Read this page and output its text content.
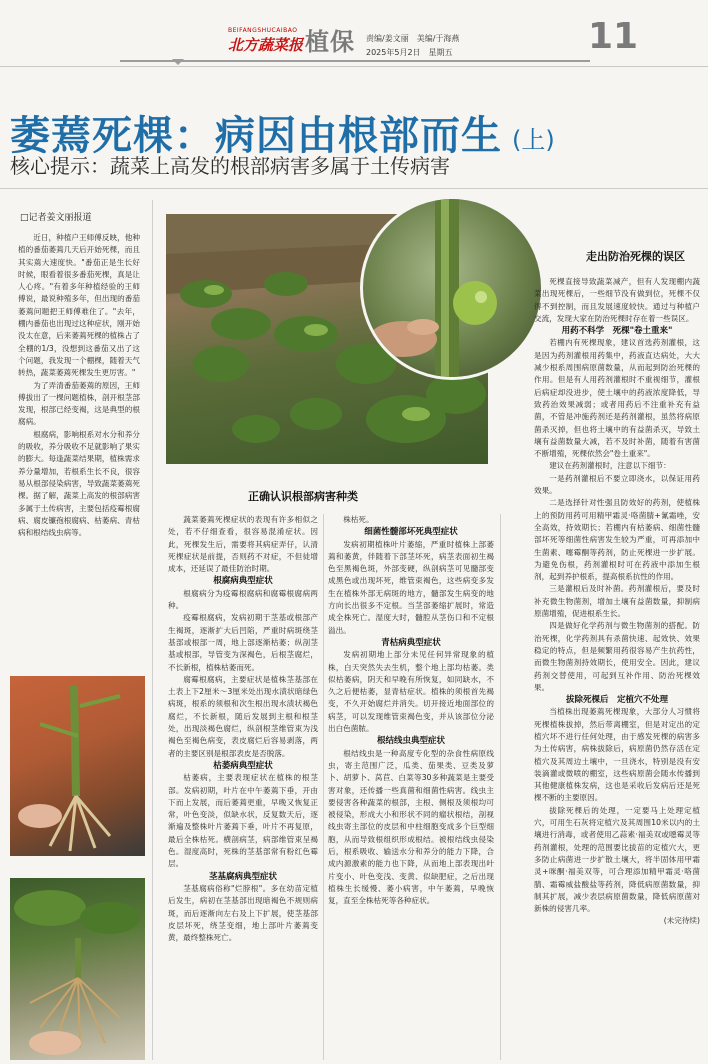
BEIFANGSHUCAIBAO
北方蔬菜报 植保 责编/姜文丽　美编/于海燕
2025年5月2日　星期五	11
萎蔫死棵：病因由根部而生 (上)
核心提示：蔬菜上高发的根部病害多属于土传病害
□记者姜文丽报道

近日，种植户王师傅反映，他种植的番茄萎蔫几天后开始死棵，而且其实蔫大速度快。"番茄正是生长好时候，眼看着很多番茄死棵，真是让人心疼。"有着多年种植经验的王师傅说，最说种殖多年，但出现的番茄萎蔫问题把王师傅难住了。"去年，棚内番茄也出现过这种症状，刚开始没太在意，后来萎蔫死棵的植株占了全棚的1/3，没想到这番茄又出了这个问题，我发现一个棚棵，随着天气转热，蔬菜萎蔫死棵发生更厉害。"

为了弄清番茄萎蔫的原因，王师傅拔出了一棵问题植株，剖开根茎部发现，根部已经变褐，这是典型的根腐病。

根腐病，影响根系对水分和养分的吸收，养分吸收不足就影响了果实的膨大。每逢蔬菜结果期，植株需求养分量增加，若根系生长不良，很容易从根部侵染病害，导致蔬菜萎蔫死棵。据了解，蔬菜上高发的根部病害多属于土传病害，主要包括疫霉根腐病、腐皮镰孢根腐病、枯萎病、青枯病和根结线虫病等。

正确认识根部病害种类
走出防治死棵的误区

蔬菜萎蔫死棵症状的表现有许多相似之处，若不仔细查看，很容易混淆症状。因此，死棵发生后，需要将其病症弄仔，认清死棵症状是前提，否则药不对症，不但徒增成本，还延误了最佳防治时期。

根腐病典型症状

根腐病分为疫霉根腐病和腐霉根腐病两种。

疫霉根腐病，发病初期于茎基或根部产生褐斑，逐渐扩大后凹陷，严重时病斑绕茎基部或根部一周，地上部逐渐枯萎；纵剖茎基或根部，导管变为深褐色，后根茎腐烂，不长新根，植株枯萎而死。

腐霉根腐病，主要症状是植株茎基部在土表上下2厘米～3厘米处出现水渍状暗绿色病斑，根系的须根和次生根出现水渍状褐色腐烂，不长新根，随后发展到主根和根茎处，出现淡褐色腐烂，纵剖根茎维管束为浅褐色至褐色病变，表皮腐烂后容易剥落，两者的主要区别是根部表皮是否脱落。

枯萎病典型症状

枯萎病，主要表现症状在植株的根茎部。发病初期，叶片在中午萎蔫下垂，开由下而上发展，而后萎蔫更重，早晚又恢复正常，叶色变淡，似缺水状，反复数天后，逐渐遍及整株叶片萎蔫下垂，叶片不再复原，最后全株枯死。横剖病茎，病部维管束呈褐色。湿度高时，死株的茎基部常有粉红色霉层。

茎基腐病典型症状

茎基腐病俗称"烂脖根"。多在幼苗定植后发生，病初在茎基部出现暗褐色不规则病斑，而后逐渐向左右及上下扩展，使茎基部皮层坏死，绕茎变细，地上部叶片萎蔫变黄，最终整株死亡。

株枯死。

细菌性髓部坏死典型症状

发病初期植株叶片萎缩，严重时植株上部萎蔫和萎黄，伴随着下部茎坏死，病茎表面初生褐色至黑褐色斑，外部变硬，纵剖病茎可见髓部变成黑色或出现坏死，维管束褐色，这些病变多发生在植株外部无病斑的地方，髓部发生病变的地方向长出很多不定根。当茎部萎缩扩展时，常造成全株死亡。湿度大时，髓腔从茎伤口和不定根溢出。

青枯病典型症状

发病初期地上部分未见任何异常现象的植株，白天突然失去生机，整个地上部均枯萎。类似枯萎病，阴天和早晚有所恢复，如同缺水，不久之后便枯萎，显青枯症状。植株的须根首先褐变，不久开始腐烂并消失。切开接近地面部位的病茎，可以发现维管束褐色变，并从该部位分泌出白色菌脓。

根结线虫典型症状

根结线虫是一种高度专化型的杂食性病原线虫，寄主范围广泛，瓜类、茄果类、豆类及萝卜、胡萝卜、莴苣、白菜等30多种蔬菜是主要受害对象，还传播一些真菌和细菌性病害。线虫主要侵害各种蔬菜的根部，主根、侧根及须根均可被侵染，形成大小和形状不同的瘤状根结，剖视线虫寄主部位的皮层和中柱细胞变成多个巨型细胞，从而导致根组织形成根结。被根结线虫侵染后，根系吸收、输送水分和养分的能力下降，合成内源激素的能力也下降，从而地上部表现出叶片变小、叶色变浅、变黄、似缺肥症，之后出现植株生长缓慢、萎小病害，中午萎蔫，早晚恢复，直至全株枯死等各种症状。

死棵直接导致蔬菜减产，但有人发现棚内蔬菜出现死棵后，一些细节没有做到位，死棵不仅得不到控制，而且发展速度较快。通过与种植户交流，发现大家在防治死棵时存在着一些误区。

用药不科学　死棵"卷土重来"

若棚内有死棵现象，建议首选药剂灌根，这是因为药剂灌根用药集中，药液直达病处，大大减少根系周围病原菌数量，从而起到防治死棵的作用。但是有人用药剂灌根时不重视细节，灌根后病症却没进步，使土壤中的药液浓度降低，导致药治效果减弱；或者用药后不注重补充有益菌，不管是冲施药剂还是药剂灌根，虽然将病原菌杀灭掉，但也将土壤中的有益菌杀灭，导致土壤有益菌数量大减，若不及时补菌，随着有害菌不断增殖，死棵依然会"卷土重来"。

建议在药剂灌根时，注意以下细节：

一是药剂灌根后不要立即浇水，以保证用药效果。

二是选择针对性强且防效好的药剂，使植株上的预防用药可用精甲霜灵·咯菌腈+氰霜唑，安全高效，持效期长；若棚内有枯萎病、细菌性髓部坏死等细菌性病害发生较为严重，可再添加中生菌素、噻霉酮等药剂，防止死棵进一步扩展。为避免伤根，药剂灌根时可在药液中添加生根剂，起到养护根系，提高根系抗性的作用。

三是灌根后及时补菌。药剂灌根后，要及时补充微生物菌剂，增加土壤有益菌数量，抑制病原菌增殖，促进根系生长。

四是做好化学药剂与微生物菌剂的搭配。防治死棵，化学药剂具有杀菌快速、起效快、效果稳定的特点，但是频繁用药很容易产生抗药性，而微生物菌剂持效期长，使用安全。因此，建议药剂交替使用，可起到互补作用、防治死棵效果。

拔除死棵后　定植穴不处理

当植株出现萎蔫死棵现象，大部分人习惯将死棵植株拔掉，然后带离棚室，但是对定出的定植穴坏不进行任何处理，由于感发死棵的病害多为土传病害，病株拔除后，病原菌仍然存活在定植穴及其周边土壤中，一旦浇水，特别是没有安装滴灌或微喷的棚室，这些病原菌会随水传播到其他健康植株发病，这也是采收后发病后还是死棵不断的主要原因。

拔除死棵后的处理，一定要马上处理定植穴，可用生石灰将定植穴及其周围10米以内的土壤进行消毒，或者使用乙蒜素·福美双或噁霉灵等药剂灌根，处理的范围要比拔苗的定植穴大，更多防止病菌进一步扩散土壤大，将半固体用甲霜灵+咪酮·福美双等，可合理添加精甲霜灵·咯菌腈、霜霉威盐酸盐等药剂，降低病原菌数量，抑制其扩展，减少表层病原菌数量，降低病原菌对新株的侵害几率。

(未完待续)
